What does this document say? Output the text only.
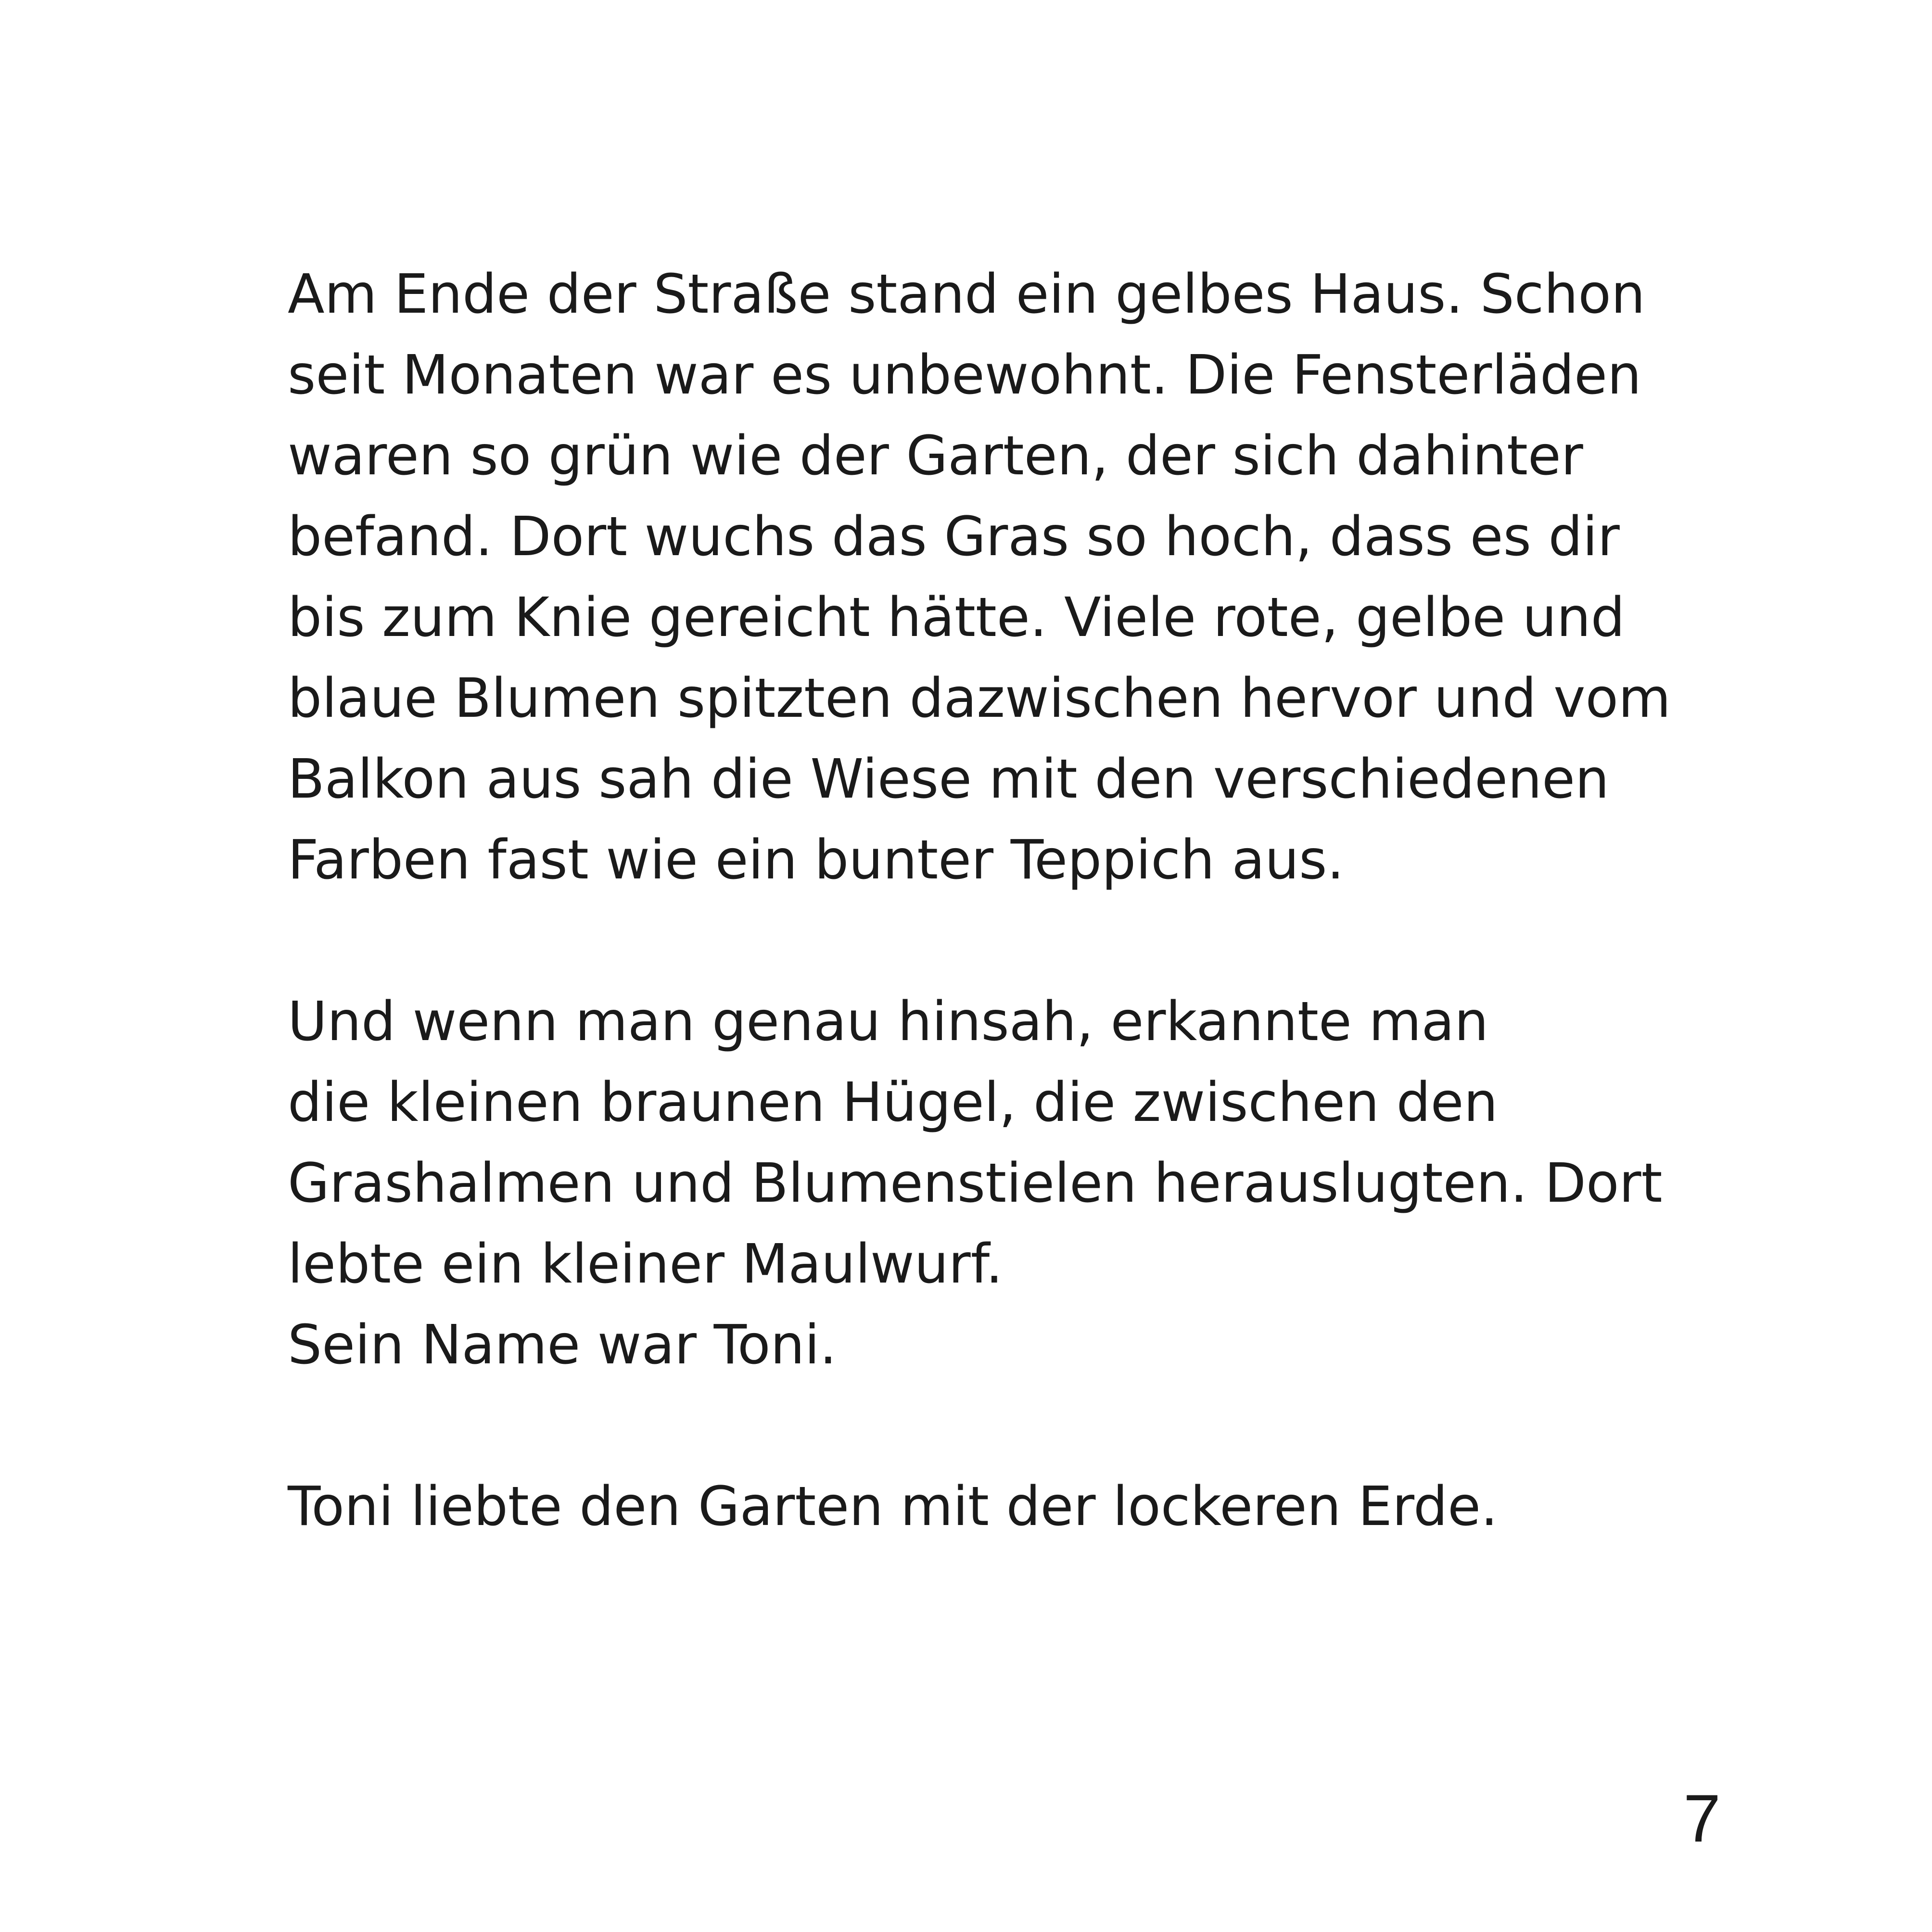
Am Ende der Straße stand ein gelbes Haus. Schon
seit Monaten war es unbewohnt. Die Fensterläden
waren so grün wie der Garten, der sich dahinter
befand. Dort wuchs das Gras so hoch, dass es dir
bis zum Knie gereicht hätte. Viele rote, gelbe und
blaue Blumen spitzten dazwischen hervor und vom
Balkon aus sah die Wiese mit den verschiedenen
Farben fast wie ein bunter Teppich aus.
Und wenn man genau hinsah, erkannte man
die kleinen braunen Hügel, die zwischen den
Grashalmen und Blumenstielen herauslugten. Dort
lebte ein kleiner Maulwurf.
Sein Name war Toni.
Toni liebte den Garten mit der lockeren Erde.
7
